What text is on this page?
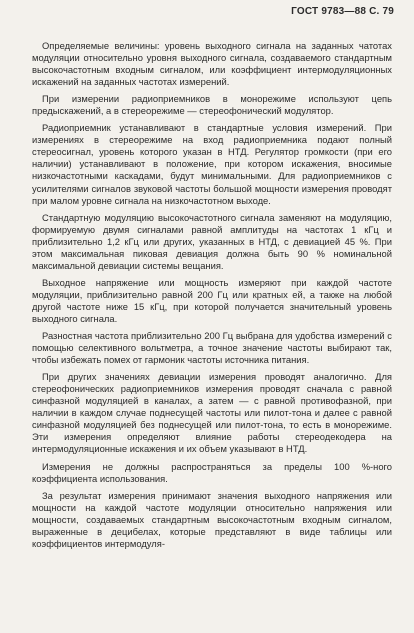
ГОСТ 9783—88 С. 79

Определяемые величины: уровень выходного сигнала на заданных чатотах модуляции относительно уровня выходного сигнала, создаваемого стандартным высокочастотным входным сигналом, или коэффициент интермодуляционных искажений на заданных частотах измерений.

При измерении радиоприемников в монорежиме используют цепь предыскажений, а в стереорежиме — стереофонический модулятор.

Радиоприемник устанавливают в стандартные условия измерений. При измерениях в стереорежиме на вход радиоприемника подают полный стереосигнал, уровень которого указан в НТД. Регулятор громкости (при его наличии) устанавливают в положение, при котором искажения, вносимые низкочастотными каскадами, будут минимальными. Для радиоприемников с усилителями сигналов звуковой частоты большой мощности измерения проводят при малом уровне сигнала на низкочастотном выходе.

Стандартную модуляцию высокочастотного сигнала заменяют на модуляцию, формируемую двумя сигналами равной амплитуды на частотах 1 кГц и приблизительно 1,2 кГц или других, указанных в НТД, с девиацией 45 %. При этом максимальная пиковая девиация должна быть 90 % номинальной максимальной девиации системы вещания.

Выходное напряжение или мощность измеряют при каждой частоте модуляции, приблизительно равной 200 Гц или кратных ей, а также на любой другой частоте ниже 15 кГц, при которой получается значительный уровень выходного сигнала.

Разностная частота приблизительно 200 Гц выбрана для удобства измерений с помощью селективного вольтметра, а точное значение частоты выбирают так, чтобы избежать помех от гармоник частоты источника питания.

При других значениях девиации измерения проводят аналогично. Для стереофонических радиоприемников измерения проводят сначала с равной синфазной модуляцией в каналах, а затем — с равной противофазной, при наличии в каждом случае поднесущей частоты или пилот-тона и далее с равной синфазной модуляцией без поднесущей или пилот-тона, то есть в монорежиме. Эти измерения определяют влияние работы стереодекодера на интермодуляционные искажения и их объем указывают в НТД.

Измерения не должны распространяться за пределы 100 %-ного коэффициента использования.

За результат измерения принимают значения выходного напряжения или мощности на каждой частоте модуляции относительно напряжения или мощности, создаваемых стандартным высокочастотным входным сигналом, выраженные в децибелах, которые представляют в виде таблицы или коэффициентов интермодуля-
